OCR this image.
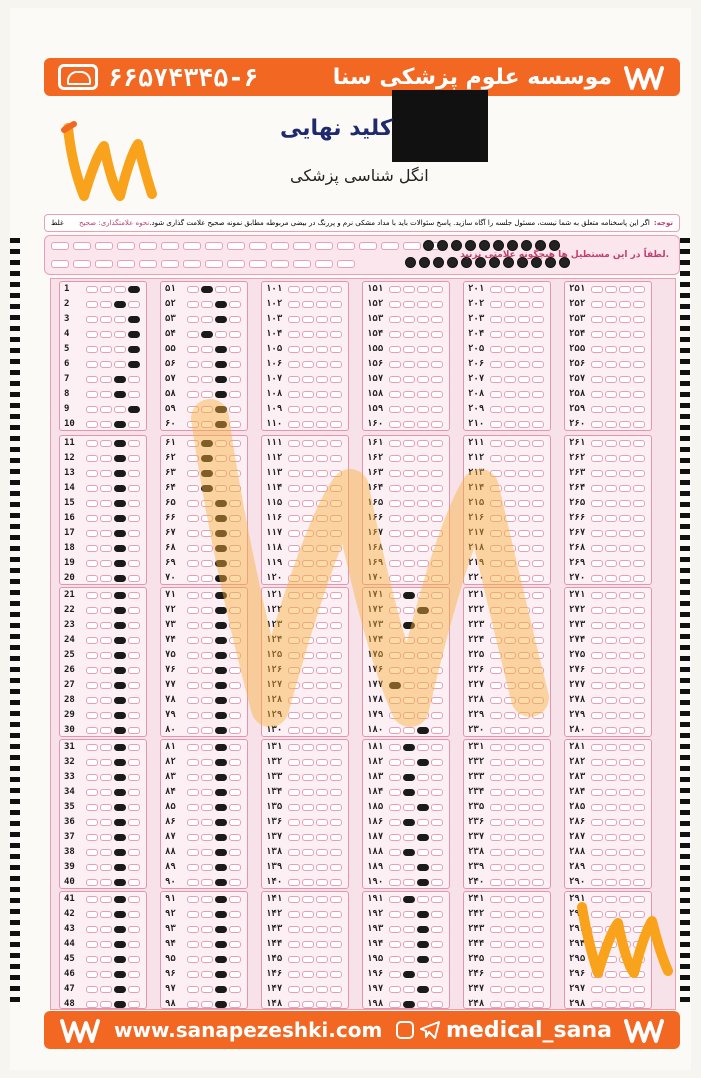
۶۶۵۷۴۳۴۵-۶	موسسه علوم پزشکی سنا
کلید نهایی
انگل شناسی پزشکی
توجه:
اگر این پاسخنامه متعلق به شما نیست، مسئول جلسه را آگاه سازید. پاسخ سئوالات باید با مداد مشکی نرم و پررنگ در بیضی مربوطه مطابق نمونه صحیح علامت گذاری شود.
نحوه علامتگذاری: صحیح
غلط
لطفاً در این مستطیل ها هیچگونه علامتی نزنید.
1
2
3
4
5
6
7
8
9
10
11
12
13
14
15
16
17
18
19
20
21
22
23
24
25
26
27
28
29
30
31
32
33
34
35
36
37
38
39
40
41
42
43
44
45
46
47
48
۵۱
۵۲
۵۳
۵۴
۵۵
۵۶
۵۷
۵۸
۵۹
۶۰
۶۱
۶۲
۶۳
۶۴
۶۵
۶۶
۶۷
۶۸
۶۹
۷۰
۷۱
۷۲
۷۳
۷۴
۷۵
۷۶
۷۷
۷۸
۷۹
۸۰
۸۱
۸۲
۸۳
۸۴
۸۵
۸۶
۸۷
۸۸
۸۹
۹۰
۹۱
۹۲
۹۳
۹۴
۹۵
۹۶
۹۷
۹۸
۱۰۱
۱۰۲
۱۰۳
۱۰۴
۱۰۵
۱۰۶
۱۰۷
۱۰۸
۱۰۹
۱۱۰
۱۱۱
۱۱۲
۱۱۳
۱۱۴
۱۱۵
۱۱۶
۱۱۷
۱۱۸
۱۱۹
۱۲۰
۱۲۱
۱۲۲
۱۲۳
۱۲۴
۱۲۵
۱۲۶
۱۲۷
۱۲۸
۱۲۹
۱۳۰
۱۳۱
۱۳۲
۱۳۳
۱۳۴
۱۳۵
۱۳۶
۱۳۷
۱۳۸
۱۳۹
۱۴۰
۱۴۱
۱۴۲
۱۴۳
۱۴۴
۱۴۵
۱۴۶
۱۴۷
۱۴۸
۱۵۱
۱۵۲
۱۵۳
۱۵۴
۱۵۵
۱۵۶
۱۵۷
۱۵۸
۱۵۹
۱۶۰
۱۶۱
۱۶۲
۱۶۳
۱۶۴
۱۶۵
۱۶۶
۱۶۷
۱۶۸
۱۶۹
۱۷۰
۱۷۱
۱۷۲
۱۷۳
۱۷۴
۱۷۵
۱۷۶
۱۷۷
۱۷۸
۱۷۹
۱۸۰
۱۸۱
۱۸۲
۱۸۳
۱۸۴
۱۸۵
۱۸۶
۱۸۷
۱۸۸
۱۸۹
۱۹۰
۱۹۱
۱۹۲
۱۹۳
۱۹۴
۱۹۵
۱۹۶
۱۹۷
۱۹۸
۲۰۱
۲۰۲
۲۰۳
۲۰۴
۲۰۵
۲۰۶
۲۰۷
۲۰۸
۲۰۹
۲۱۰
۲۱۱
۲۱۲
۲۱۳
۲۱۴
۲۱۵
۲۱۶
۲۱۷
۲۱۸
۲۱۹
۲۲۰
۲۲۱
۲۲۲
۲۲۳
۲۲۴
۲۲۵
۲۲۶
۲۲۷
۲۲۸
۲۲۹
۲۳۰
۲۳۱
۲۳۲
۲۳۳
۲۳۴
۲۳۵
۲۳۶
۲۳۷
۲۳۸
۲۳۹
۲۴۰
۲۴۱
۲۴۲
۲۴۳
۲۴۴
۲۴۵
۲۴۶
۲۴۷
۲۴۸
۲۵۱
۲۵۲
۲۵۳
۲۵۴
۲۵۵
۲۵۶
۲۵۷
۲۵۸
۲۵۹
۲۶۰
۲۶۱
۲۶۲
۲۶۳
۲۶۴
۲۶۵
۲۶۶
۲۶۷
۲۶۸
۲۶۹
۲۷۰
۲۷۱
۲۷۲
۲۷۳
۲۷۴
۲۷۵
۲۷۶
۲۷۷
۲۷۸
۲۷۹
۲۸۰
۲۸۱
۲۸۲
۲۸۳
۲۸۴
۲۸۵
۲۸۶
۲۸۷
۲۸۸
۲۸۹
۲۹۰
۲۹۱
۲۹۲
۲۹۳
۲۹۴
۲۹۵
۲۹۶
۲۹۷
۲۹۸
www.sanapezeshki.com	medical_sana
